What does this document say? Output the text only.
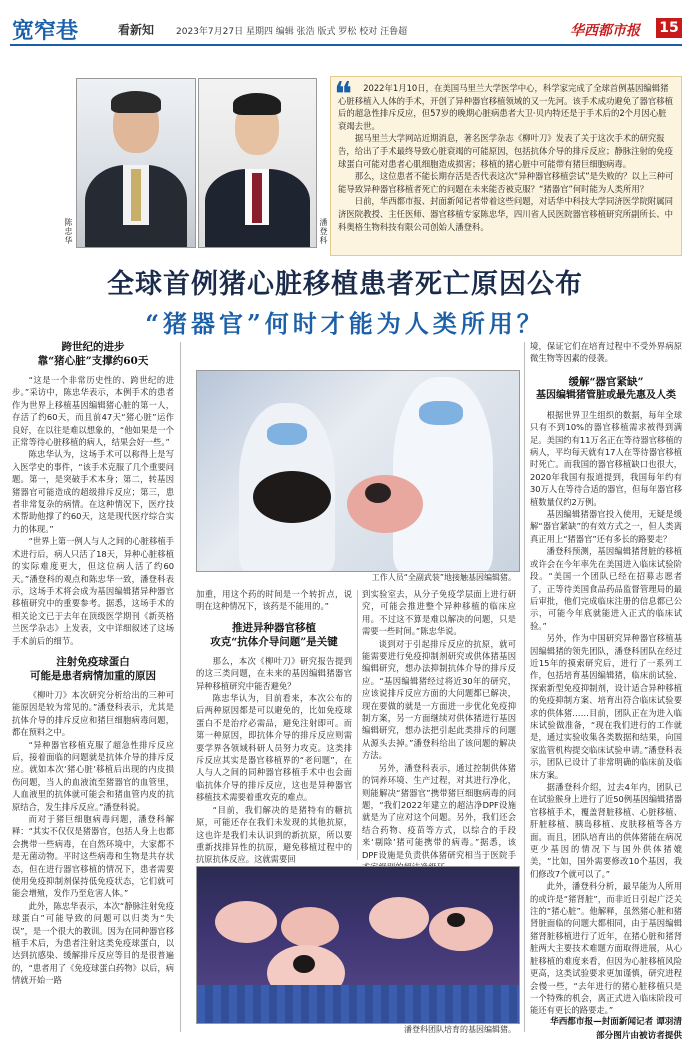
宽窄巷	看新知	2023年7月27日 星期四 编辑 张浩 版式 罗松 校对 汪鲁超	华西都市报	15
陈忠华	潘登科
❝	2022年1月10日，在美国马里兰大学医学中心，科学家完成了全球首例基因编辑猪心脏移植入人体的手术，开创了异种器官移植领域的又一先河。该手术成功避免了器官移植后的超急性排斥反应，但57岁的晚期心脏病患者大卫·贝内特还是于手术后的2个月因心脏衰竭去世。

据马里兰大学网站近期消息，著名医学杂志《柳叶刀》发表了关于这次手术的研究报告，给出了手术最终导致心脏衰竭的可能原因，包括抗体介导的排斥反应；静脉注射的免疫球蛋白可能对患者心肌细胞造成损害；移植的猪心脏中可能带有猪巨细胞病毒。

那么，这位患者不能长期存活是否代表这次“异种器官移植尝试”是失败的？以上三种可能导致异种器官移植者死亡的问题在未来能否被克服？“猪器官”何时能为人类所用？

日前，华西都市报、封面新闻记者带着这些问题，对话华中科技大学同济医学院附属同济医院教授、主任医师、器官移植专家陈忠华，四川省人民医院器官移植研究所副所长、中科奥格生物科技有限公司创始人潘登科。

全球首例猪心脏移植患者死亡原因公布
“猪器官”何时才能为人类所用？
跨世纪的进步
靠“猪心脏”支撑约60天

“这是一个非常历史性的、跨世纪的进步。”采访中，陈忠华表示，本例手术的患者作为世界上移植基因编辑猪心脏的第一人，存活了约60天，而且前47天“猪心脏”运作良好，在以往是难以想象的，“他如果是一个正常等待心脏移植的病人，结果会好一些。”

陈忠华认为，这场手术可以称得上是写入医学史的事件，“该手术克服了几个重要问题。第一，是突破手术本身；第二，转基因猪器官可能造成的超级排斥反应；第三，患者非常复杂的病情。在这种情况下，医疗技术帮助他撑了约60天，这是现代医疗综合实力的体现。”

“世界上第一例人与人之间的心脏移植手术进行后，病人只活了18天，异种心脏移植的实际难度更大，但这位病人活了约60天。”潘登科的观点和陈忠华一致，潘登科表示，这场手术将会成为基因编辑猪异种器官移植研究中的重要参考。据悉，这场手术的相关论文已于去年在顶级医学期刊《新英格兰医学杂志》上发表，文中详细叙述了这场手术前后的细节。

注射免疫球蛋白
可能是患者病情加重的原因

《柳叶刀》本次研究分析给出的三种可能原因是较为常见的。”潘登科表示，尤其是抗体介导的排斥反应和猪巨细胞病毒问题，都在预料之中。

“异种器官移植克服了超急性排斥反应后，接着面临的问题就是抗体介导的排斥反应。就如本次‘猪心脏’移植后出现的内皮损伤问题，当人的血液流至猪器官的血管里，人血液里的抗体就可能会和猪血管内皮的抗原结合，发生排斥反应。”潘登科说。

而对于猪巨细胞病毒问题，潘登科解释：“其实不仅仅是猪器官，包括人身上也都会携带一些病毒，在自然环境中，大家都不是无菌动物。平时这些病毒和生物是共存状态，但在进行器官移植的情况下，患者需要使用免疫抑制剂保持低免疫状态，它们就可能会增殖，发作乃至危害人体。”

此外，陈忠华表示，本次“静脉注射免疫球蛋白”可能导致的问题可以归类为“失误”，是一个很大的教训。因为在同种器官移植手术后，为患者注射这类免疫球蛋白，以达到抗感染、缓解排斥反应等目的是很普遍的，“患者用了《免疫球蛋白药物》以后，病情就开始一路

工作人员“全副武装”地接触基因编辑猪。

加重，用这个药的时间是一个转折点，说明在这种情况下，该药是不能用的。”

推进异种器官移植
攻克“抗体介导问题”是关键

那么，本次《柳叶刀》研究报告提到的这三类问题，在未来的基因编辑猪器官异种移植研究中能否避免？

陈忠华认为，目前看来，本次公布的后两种原因都是可以避免的，比如免疫球蛋白不是治疗必需品，避免注射即可。而第一种原因，即抗体介导的排斥反应则需要学界各领域科研人员努力攻克。这类排斥反应其实是器官移植界的“老问题”，在人与人之间的同种器官移植手术中也会面临抗体介导的排斥反应，这也是异种器官移植技术需要着重攻克的难点。

“目前，我们解决的是猪特有的糖抗原，可能还存在我们未发现的其他抗原，这也许是我们未认识到的新抗原，所以要重新找排异性的抗原，避免移植过程中的抗原抗体反应。这就需要回

到实验室去，从分子免疫学层面上进行研究，可能会推进整个异种移植的临床应用。不过这不算是难以解决的问题，只是需要一些时间。”陈忠华说。

谈到对于引起排斥反应的抗原，就可能需要进行免疫抑制剂研究或供体猪基因编辑研究，想办法抑制抗体介导的排斥反应。“基因编辑猪经过将近30年的研究，应该说排斥反应方面的大问题都已解决，现在要做的就是一方面进一步优化免疫抑制方案，另一方面继续对供体猪进行基因编辑研究，想办法把引起此类排斥的问题从源头去掉。”潘登科给出了该问题的解决方法。

另外，潘登科表示，通过控制供体猪的饲养环境、生产过程，对其进行净化，则能解决“猪器官”携带猪巨细胞病毒的问题，“我们2022年建立的超洁净DPF设施就是为了应对这个问题。另外，我们还会结合药物、疫苗等方式，以综合的手段来‘剔除’猪可能携带的病毒。”据悉，该DPF设施是负责供体猪研究相当于医院手

潘登科团队培育的基因编辑猪。

境，保证它们在培育过程中不受外界病原微生物等因素的侵袭。

缓解“器官紧缺”
基因编辑猪管脏或最先惠及人类

根据世界卫生组织的数据，每年全球只有不到10%的器官移植需求被得到满足。美国约有11万名正在等待器官移植的病人，平均每天就有17人在等待器官移植时死亡。而我国的器官移植缺口也很大，2020年我国有报道提到，我国每年约有30万人在等待合适的器官，但每年器官移植数量仅约2万例。

基因编辑猪器官投入使用，无疑是缓解“器官紧缺”的有效方式之一，但人类离真正用上“猪器官”还有多长的路要走？

潘登科预测，基因编辑猪肾脏的移植或许会在今年率先在美国进入临床试验阶段。“美国一个团队已经在招募志愿者了，正等待美国食品药品监督管理局的最后审批，他们完成临床注册的信息都已公示，可能今年底就能进入正式的临床试验。”

另外，作为中国研究异种器官移植基因编辑猪的领先团队，潘登科团队在经过近15年的摸索研究后，进行了一系列工作，包括培育基因编辑猪，临床前试验、探索新型免疫抑制剂，设计适合异种移植的免疫抑制方案、培育出符合临床试验要求的供体猪……目前，团队正在为进入临床试验做准备，“现在我们进行的工作就是，通过实验收集各类数据和结果，向国家监管机构提交临床试验申请。”潘登科表示，团队已设计了非常明确的临床前及临床方案。

据潘登科介绍，过去4年内，团队已在试验猴身上进行了近50例基因编辑猪器官移植手术，覆盖肾脏移植、心脏移植、肝脏移植、胰岛移植、皮肤移植等各方面。而且，团队培育出的供体猪能在病况更少基因的情况下与国外供体猪媲美，“比如，国外需要修改10个基因，我们修改7个就可以了。”

此外，潘登科分析，最早能为人所用的或许是“猪肾脏”，而非近日引起广泛关注的“猪心脏”。他解释，虽然猪心脏和猪肾脏面临的问题大都相同，由于基因编辑猪肾脏移植进行了近年，在猪心脏和猪肾脏两大主要技术难题方面取得进展，从心脏移植的难度来看，但因为心脏移植风险更高，这类试验要求更加谨慎，研究进程会慢一些，“去年进行的猪心脏移植只是一个特殊的机会，离正式进入临床阶段可能还有更长的路要走。”

华西都市报—封面新闻记者 谭羽清
部分图片由被访者提供
